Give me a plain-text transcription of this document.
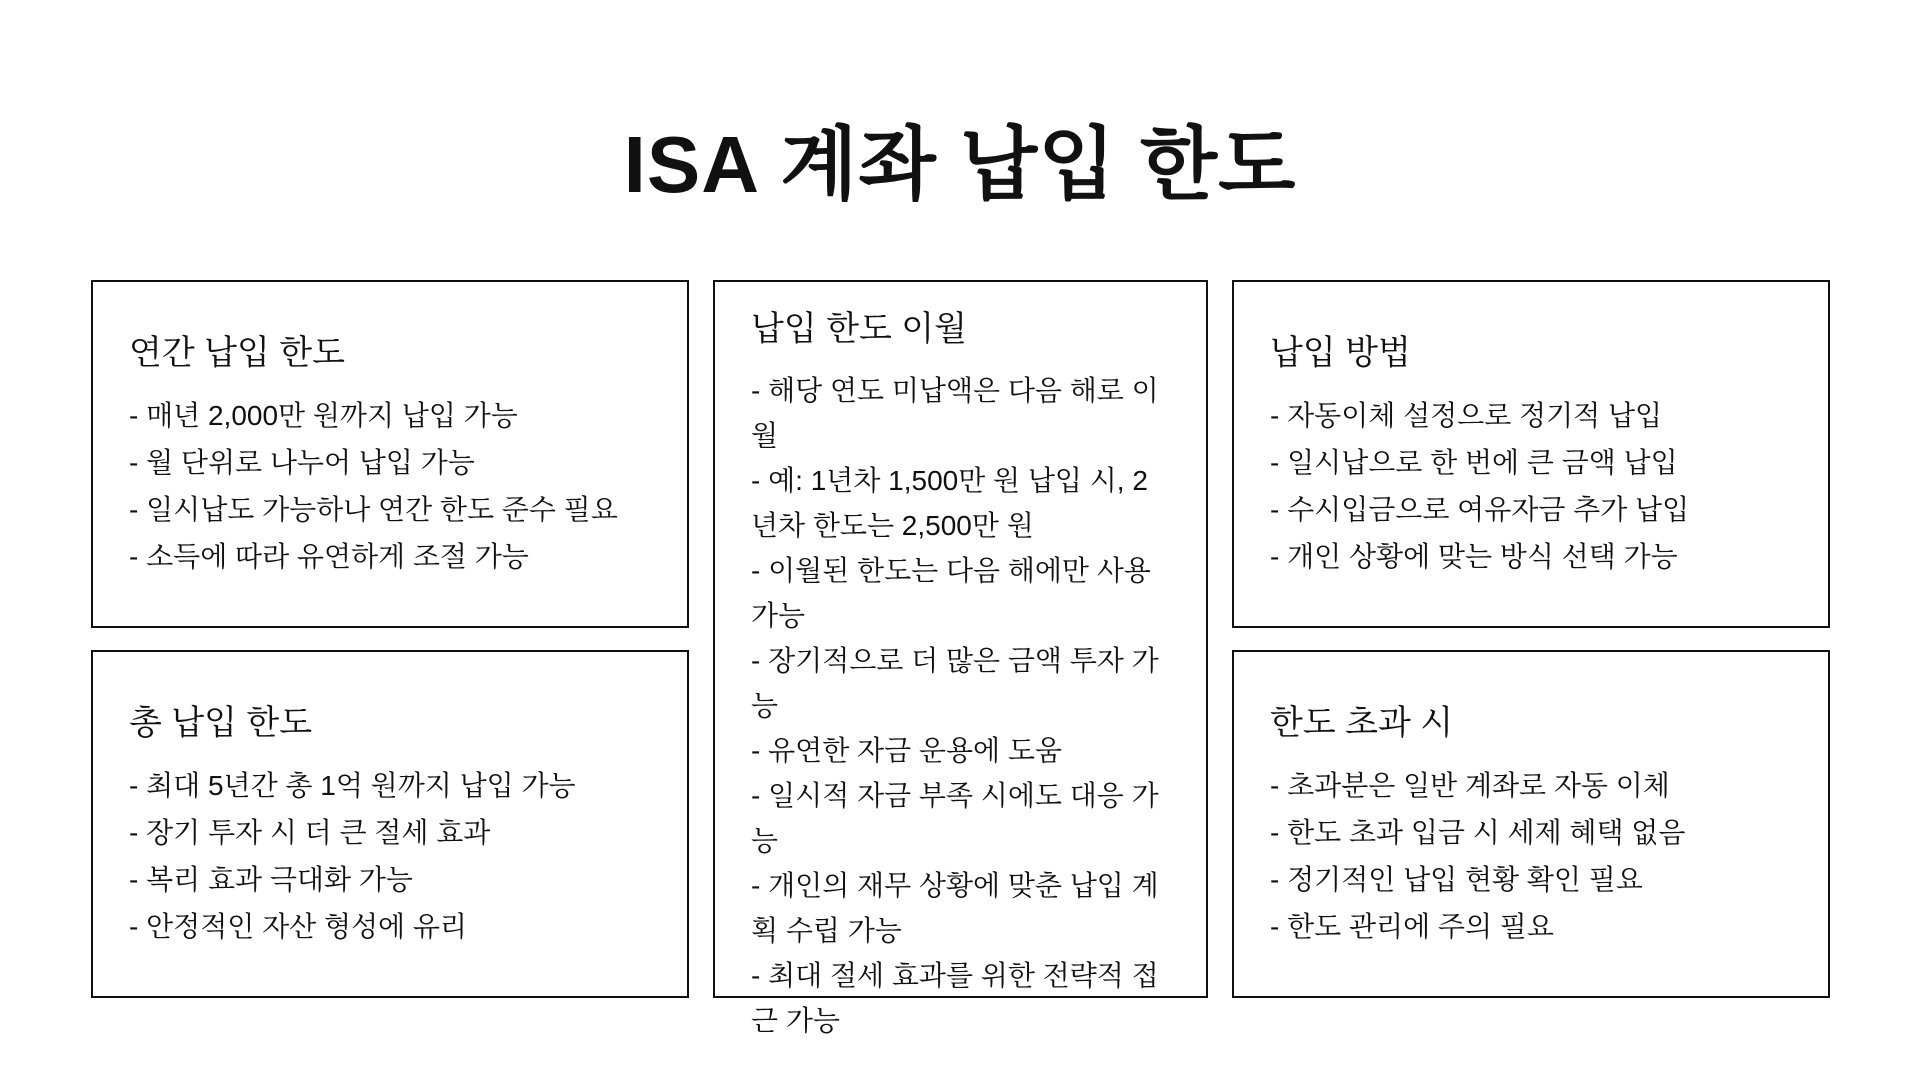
ISA 계좌 납입 한도
연간 납입 한도
- 매년 2,000만 원까지 납입 가능
- 월 단위로 나누어 납입 가능
- 일시납도 가능하나 연간 한도 준수 필요
- 소득에 따라 유연하게 조절 가능
총 납입 한도
- 최대 5년간 총 1억 원까지 납입 가능
- 장기 투자 시 더 큰 절세 효과
- 복리 효과 극대화 가능
- 안정적인 자산 형성에 유리
납입 한도 이월
- 해당 연도 미납액은 다음 해로 이월
- 예: 1년차 1,500만 원 납입 시, 2년차 한도는 2,500만 원
- 이월된 한도는 다음 해에만 사용 가능
- 장기적으로 더 많은 금액 투자 가능
- 유연한 자금 운용에 도움
- 일시적 자금 부족 시에도 대응 가능
- 개인의 재무 상황에 맞춘 납입 계획 수립 가능
- 최대 절세 효과를 위한 전략적 접근 가능
납입 방법
- 자동이체 설정으로 정기적 납입
- 일시납으로 한 번에 큰 금액 납입
- 수시입금으로 여유자금 추가 납입
- 개인 상황에 맞는 방식 선택 가능
한도 초과 시
- 초과분은 일반 계좌로 자동 이체
- 한도 초과 입금 시 세제 혜택 없음
- 정기적인 납입 현황 확인 필요
- 한도 관리에 주의 필요
